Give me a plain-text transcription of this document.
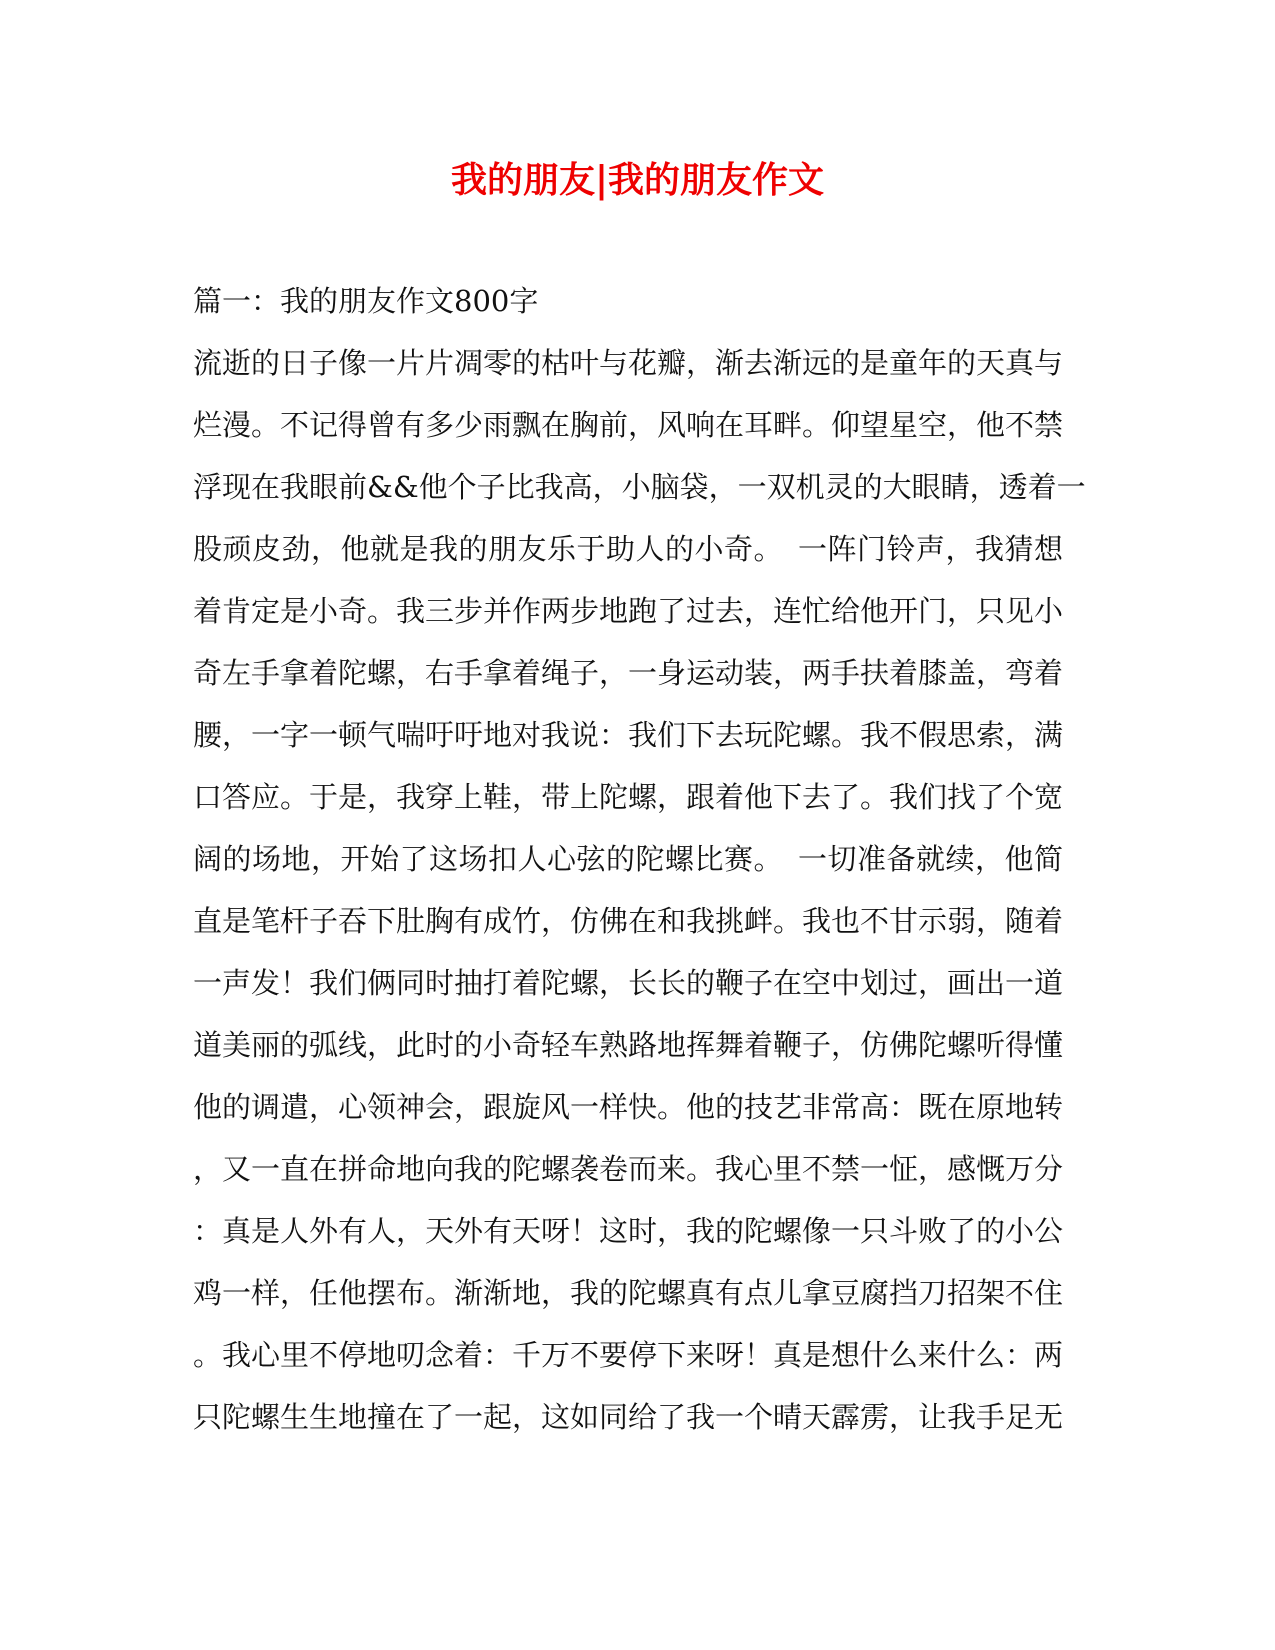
我的朋友|我的朋友作文

篇一：我的朋友作文800字

流逝的日子像一片片凋零的枯叶与花瓣，渐去渐远的是童年的天真与

烂漫。不记得曾有多少雨飘在胸前，风响在耳畔。仰望星空，他不禁

浮现在我眼前&&他个子比我高，小脑袋，一双机灵的大眼睛，透着一

股顽皮劲，他就是我的朋友乐于助人的小奇。　一阵门铃声，我猜想

着肯定是小奇。我三步并作两步地跑了过去，连忙给他开门，只见小

奇左手拿着陀螺，右手拿着绳子，一身运动装，两手扶着膝盖，弯着

腰，一字一顿气喘吁吁地对我说：我们下去玩陀螺。我不假思索，满

口答应。于是，我穿上鞋，带上陀螺，跟着他下去了。我们找了个宽

阔的场地，开始了这场扣人心弦的陀螺比赛。　一切准备就续，他简

直是笔杆子吞下肚胸有成竹，仿佛在和我挑衅。我也不甘示弱，随着

一声发！我们俩同时抽打着陀螺，长长的鞭子在空中划过，画出一道

道美丽的弧线，此时的小奇轻车熟路地挥舞着鞭子，仿佛陀螺听得懂

他的调遣，心领神会，跟旋风一样快。他的技艺非常高：既在原地转

，又一直在拼命地向我的陀螺袭卷而来。我心里不禁一怔，感慨万分

：真是人外有人，天外有天呀！这时，我的陀螺像一只斗败了的小公

鸡一样，任他摆布。渐渐地，我的陀螺真有点儿拿豆腐挡刀招架不住

。我心里不停地叨念着：千万不要停下来呀！真是想什么来什么：两

只陀螺生生地撞在了一起，这如同给了我一个晴天霹雳，让我手足无
